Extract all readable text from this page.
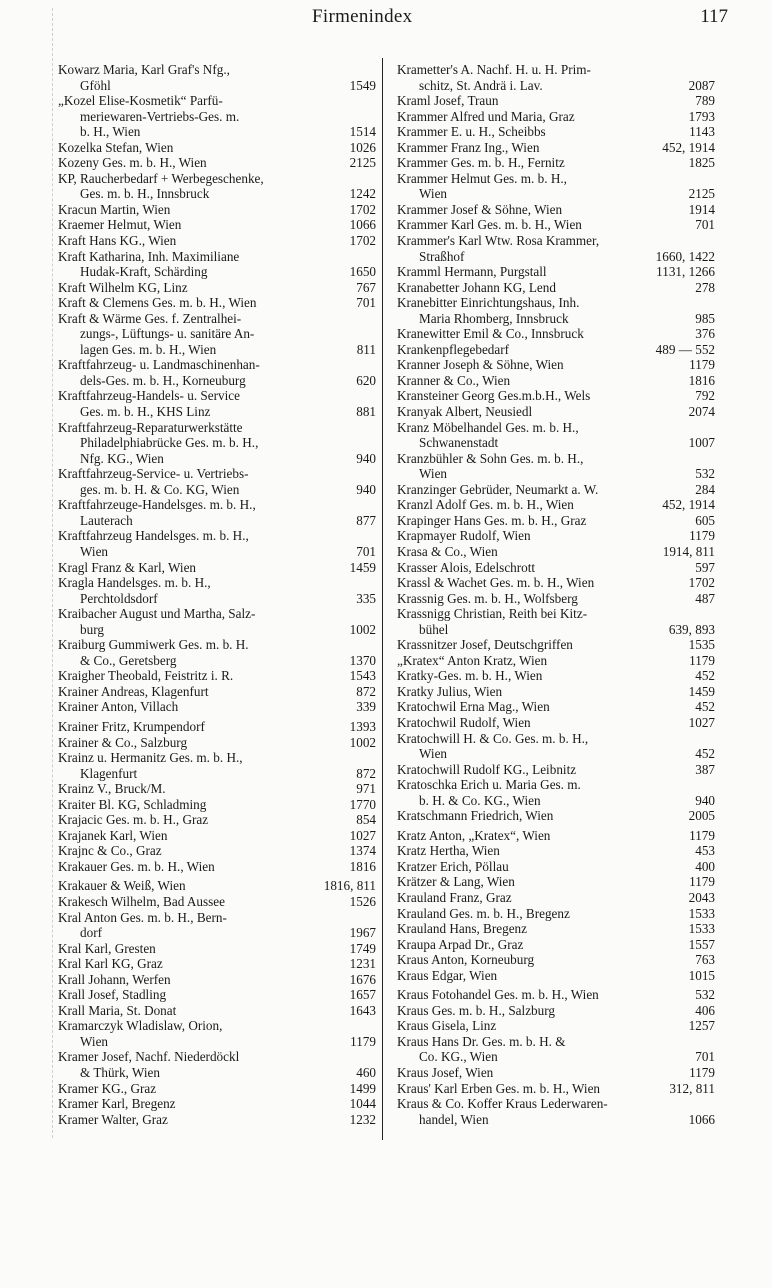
Firmenindex	117
Kowarz Maria, Karl Graf's Nfg.,
Gföhl	1549
„Kozel Elise-Kosmetik“ Parfü-
meriewaren-Vertriebs-Ges. m.
b. H., Wien	1514
Kozelka Stefan, Wien	1026
Kozeny Ges. m. b. H., Wien	2125
KP, Raucherbedarf + Werbegeschenke,
Ges. m. b. H., Innsbruck	1242
Kracun Martin, Wien	1702
Kraemer Helmut, Wien	1066
Kraft Hans KG., Wien	1702
Kraft Katharina, Inh. Maximiliane
Hudak-Kraft, Schärding	1650
Kraft Wilhelm KG, Linz	767
Kraft & Clemens Ges. m. b. H., Wien	701
Kraft & Wärme Ges. f. Zentralhei-
zungs-, Lüftungs- u. sanitäre An-
lagen Ges. m. b. H., Wien	811
Kraftfahrzeug- u. Landmaschinenhan-
dels-Ges. m. b. H., Korneuburg	620
Kraftfahrzeug-Handels- u. Service
Ges. m. b. H., KHS Linz	881
Kraftfahrzeug-Reparaturwerkstätte
Philadelphiabrücke Ges. m. b. H.,
Nfg. KG., Wien	940
Kraftfahrzeug-Service- u. Vertriebs-
ges. m. b. H. & Co. KG, Wien	940
Kraftfahrzeuge-Handelsges. m. b. H.,
Lauterach	877
Kraftfahrzeug Handelsges. m. b. H.,
Wien	701
Kragl Franz & Karl, Wien	1459
Kragla Handelsges. m. b. H.,
Perchtoldsdorf	335
Kraibacher August und Martha, Salz-
burg	1002
Kraiburg Gummiwerk Ges. m. b. H.
& Co., Geretsberg	1370
Kraigher Theobald, Feistritz i. R.	1543
Krainer Andreas, Klagenfurt	872
Krainer Anton, Villach	339
Krainer Fritz, Krumpendorf	1393
Krainer & Co., Salzburg	1002
Krainz u. Hermanitz Ges. m. b. H.,
Klagenfurt	872
Krainz V., Bruck/M.	971
Kraiter Bl. KG, Schladming	1770
Krajacic Ges. m. b. H., Graz	854
Krajanek Karl, Wien	1027
Krajnc & Co., Graz	1374
Krakauer Ges. m. b. H., Wien	1816
Krakauer & Weiß, Wien	1816, 811
Krakesch Wilhelm, Bad Aussee	1526
Kral Anton Ges. m. b. H., Bern-
dorf	1967
Kral Karl, Gresten	1749
Kral Karl KG, Graz	1231
Krall Johann, Werfen	1676
Krall Josef, Stadling	1657
Krall Maria, St. Donat	1643
Kramarczyk Wladislaw, Orion,
Wien	1179
Kramer Josef, Nachf. Niederdöckl
& Thürk, Wien	460
Kramer KG., Graz	1499
Kramer Karl, Bregenz	1044
Kramer Walter, Graz	1232
Krametter's A. Nachf. H. u. H. Prim-
schitz, St. Andrä i. Lav.	2087
Kraml Josef, Traun	789
Krammer Alfred und Maria, Graz	1793
Krammer E. u. H., Scheibbs	1143
Krammer Franz Ing., Wien	452, 1914
Krammer Ges. m. b. H., Fernitz	1825
Krammer Helmut Ges. m. b. H.,
Wien	2125
Krammer Josef & Söhne, Wien	1914
Krammer Karl Ges. m. b. H., Wien	701
Krammer's Karl Wtw. Rosa Krammer,
Straßhof	1660, 1422
Kramml Hermann, Purgstall	1131, 1266
Kranabetter Johann KG, Lend	278
Kranebitter Einrichtungshaus, Inh.
Maria Rhomberg, Innsbruck	985
Kranewitter Emil & Co., Innsbruck	376
Krankenpflegebedarf	489 — 552
Kranner Joseph & Söhne, Wien	1179
Kranner & Co., Wien	1816
Kransteiner Georg Ges.m.b.H., Wels	792
Kranyak Albert, Neusiedl	2074
Kranz Möbelhandel Ges. m. b. H.,
Schwanenstadt	1007
Kranzbühler & Sohn Ges. m. b. H.,
Wien	532
Kranzinger Gebrüder, Neumarkt a. W.	284
Kranzl Adolf Ges. m. b. H., Wien	452, 1914
Krapinger Hans Ges. m. b. H., Graz	605
Krapmayer Rudolf, Wien	1179
Krasa & Co., Wien	1914, 811
Krasser Alois, Edelschrott	597
Krassl & Wachet Ges. m. b. H., Wien	1702
Krassnig Ges. m. b. H., Wolfsberg	487
Krassnigg Christian, Reith bei Kitz-
bühel	639, 893
Krassnitzer Josef, Deutschgriffen	1535
„Kratex“ Anton Kratz, Wien	1179
Kratky-Ges. m. b. H., Wien	452
Kratky Julius, Wien	1459
Kratochwil Erna Mag., Wien	452
Kratochwil Rudolf, Wien	1027
Kratochwill H. & Co. Ges. m. b. H.,
Wien	452
Kratochwill Rudolf KG., Leibnitz	387
Kratoschka Erich u. Maria Ges. m.
b. H. & Co. KG., Wien	940
Kratschmann Friedrich, Wien	2005
Kratz Anton, „Kratex“, Wien	1179
Kratz Hertha, Wien	453
Kratzer Erich, Pöllau	400
Krätzer & Lang, Wien	1179
Krauland Franz, Graz	2043
Krauland Ges. m. b. H., Bregenz	1533
Krauland Hans, Bregenz	1533
Kraupa Arpad Dr., Graz	1557
Kraus Anton, Korneuburg	763
Kraus Edgar, Wien	1015
Kraus Fotohandel Ges. m. b. H., Wien	532
Kraus Ges. m. b. H., Salzburg	406
Kraus Gisela, Linz	1257
Kraus Hans Dr. Ges. m. b. H. &
Co. KG., Wien	701
Kraus Josef, Wien	1179
Kraus' Karl Erben Ges. m. b. H., Wien	312, 811
Kraus & Co. Koffer Kraus Lederwaren-
handel, Wien	1066
